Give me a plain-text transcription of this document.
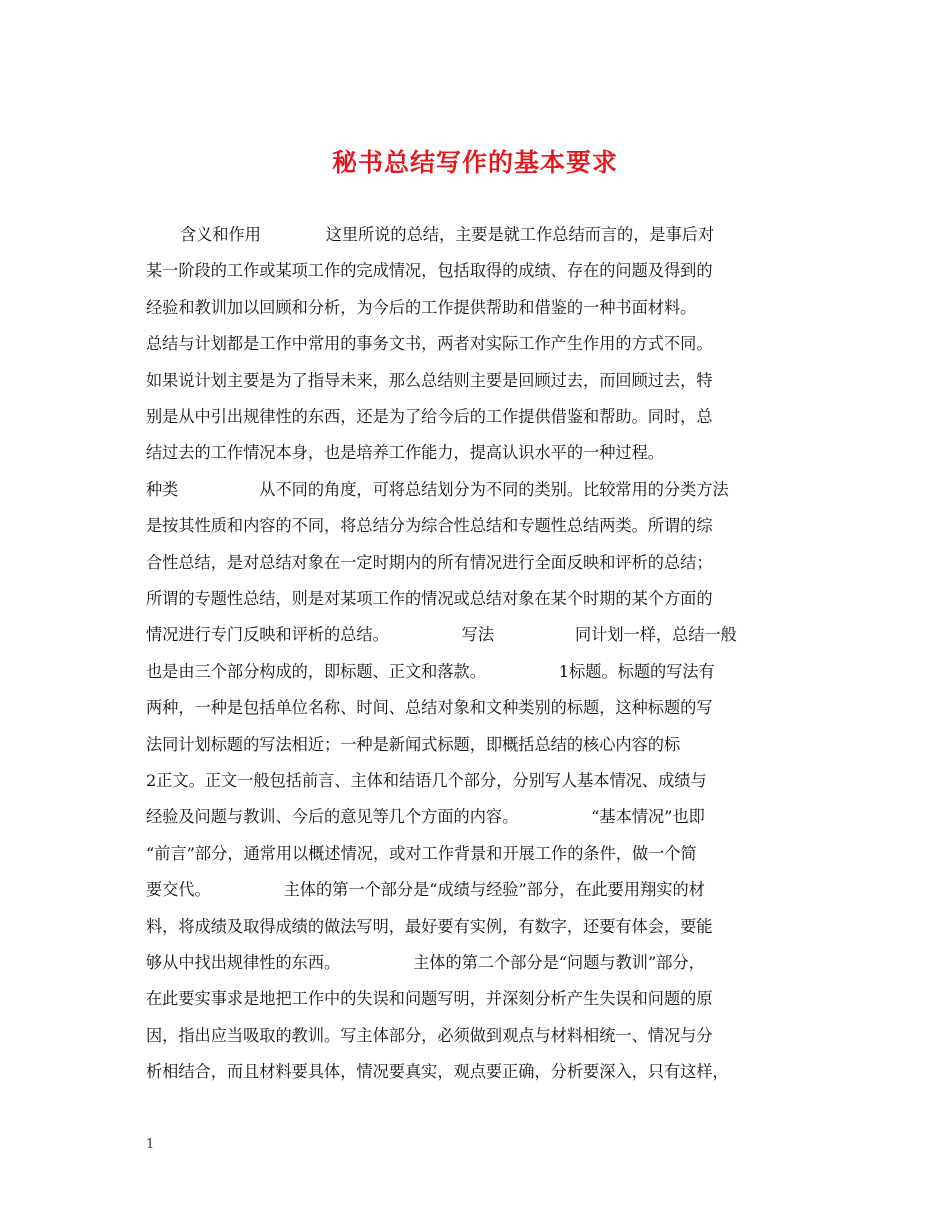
秘书总结写作的基本要求
含义和作用　　　　这里所说的总结，主要是就工作总结而言的，是事后对
某一阶段的工作或某项工作的完成情况，包括取得的成绩、存在的问题及得到的
经验和教训加以回顾和分析，为今后的工作提供帮助和借鉴的一种书面材料。
总结与计划都是工作中常用的事务文书，两者对实际工作产生作用的方式不同。
如果说计划主要是为了指导未来，那么总结则主要是回顾过去，而回顾过去，特
别是从中引出规律性的东西，还是为了给今后的工作提供借鉴和帮助。同时，总
结过去的工作情况本身，也是培养工作能力，提高认识水平的一种过程。
种类　　　　　从不同的角度，可将总结划分为不同的类别。比较常用的分类方法
是按其性质和内容的不同，将总结分为综合性总结和专题性总结两类。所谓的综
合性总结，是对总结对象在一定时期内的所有情况进行全面反映和评析的总结；
所谓的专题性总结，则是对某项工作的情况或总结对象在某个时期的某个方面的
情况进行专门反映和评析的总结。　　　　　写法　　　　　同计划一样，总结一般
也是由三个部分构成的，即标题、正文和落款。　　　　　1标题。标题的写法有
两种，一种是包括单位名称、时间、总结对象和文种类别的标题，这种标题的写
法同计划标题的写法相近；一种是新闻式标题，即概括总结的核心内容的标
2正文。正文一般包括前言、主体和结语几个部分，分别写人基本情况、成绩与
经验及问题与教训、今后的意见等几个方面的内容。　　　　　“基本情况”也即
“前言”部分，通常用以概述情况，或对工作背景和开展工作的条件，做一个简
要交代。　　　　　主体的第一个部分是“成绩与经验”部分，在此要用翔实的材
料，将成绩及取得成绩的做法写明，最好要有实例，有数字，还要有体会，要能
够从中找出规律性的东西。　　　　　主体的第二个部分是“问题与教训”部分，
在此要实事求是地把工作中的失误和问题写明，并深刻分析产生失误和问题的原
因，指出应当吸取的教训。写主体部分，必须做到观点与材料相统一、情况与分
析相结合，而且材料要具体，情况要真实，观点要正确，分析要深入，只有这样，
1
